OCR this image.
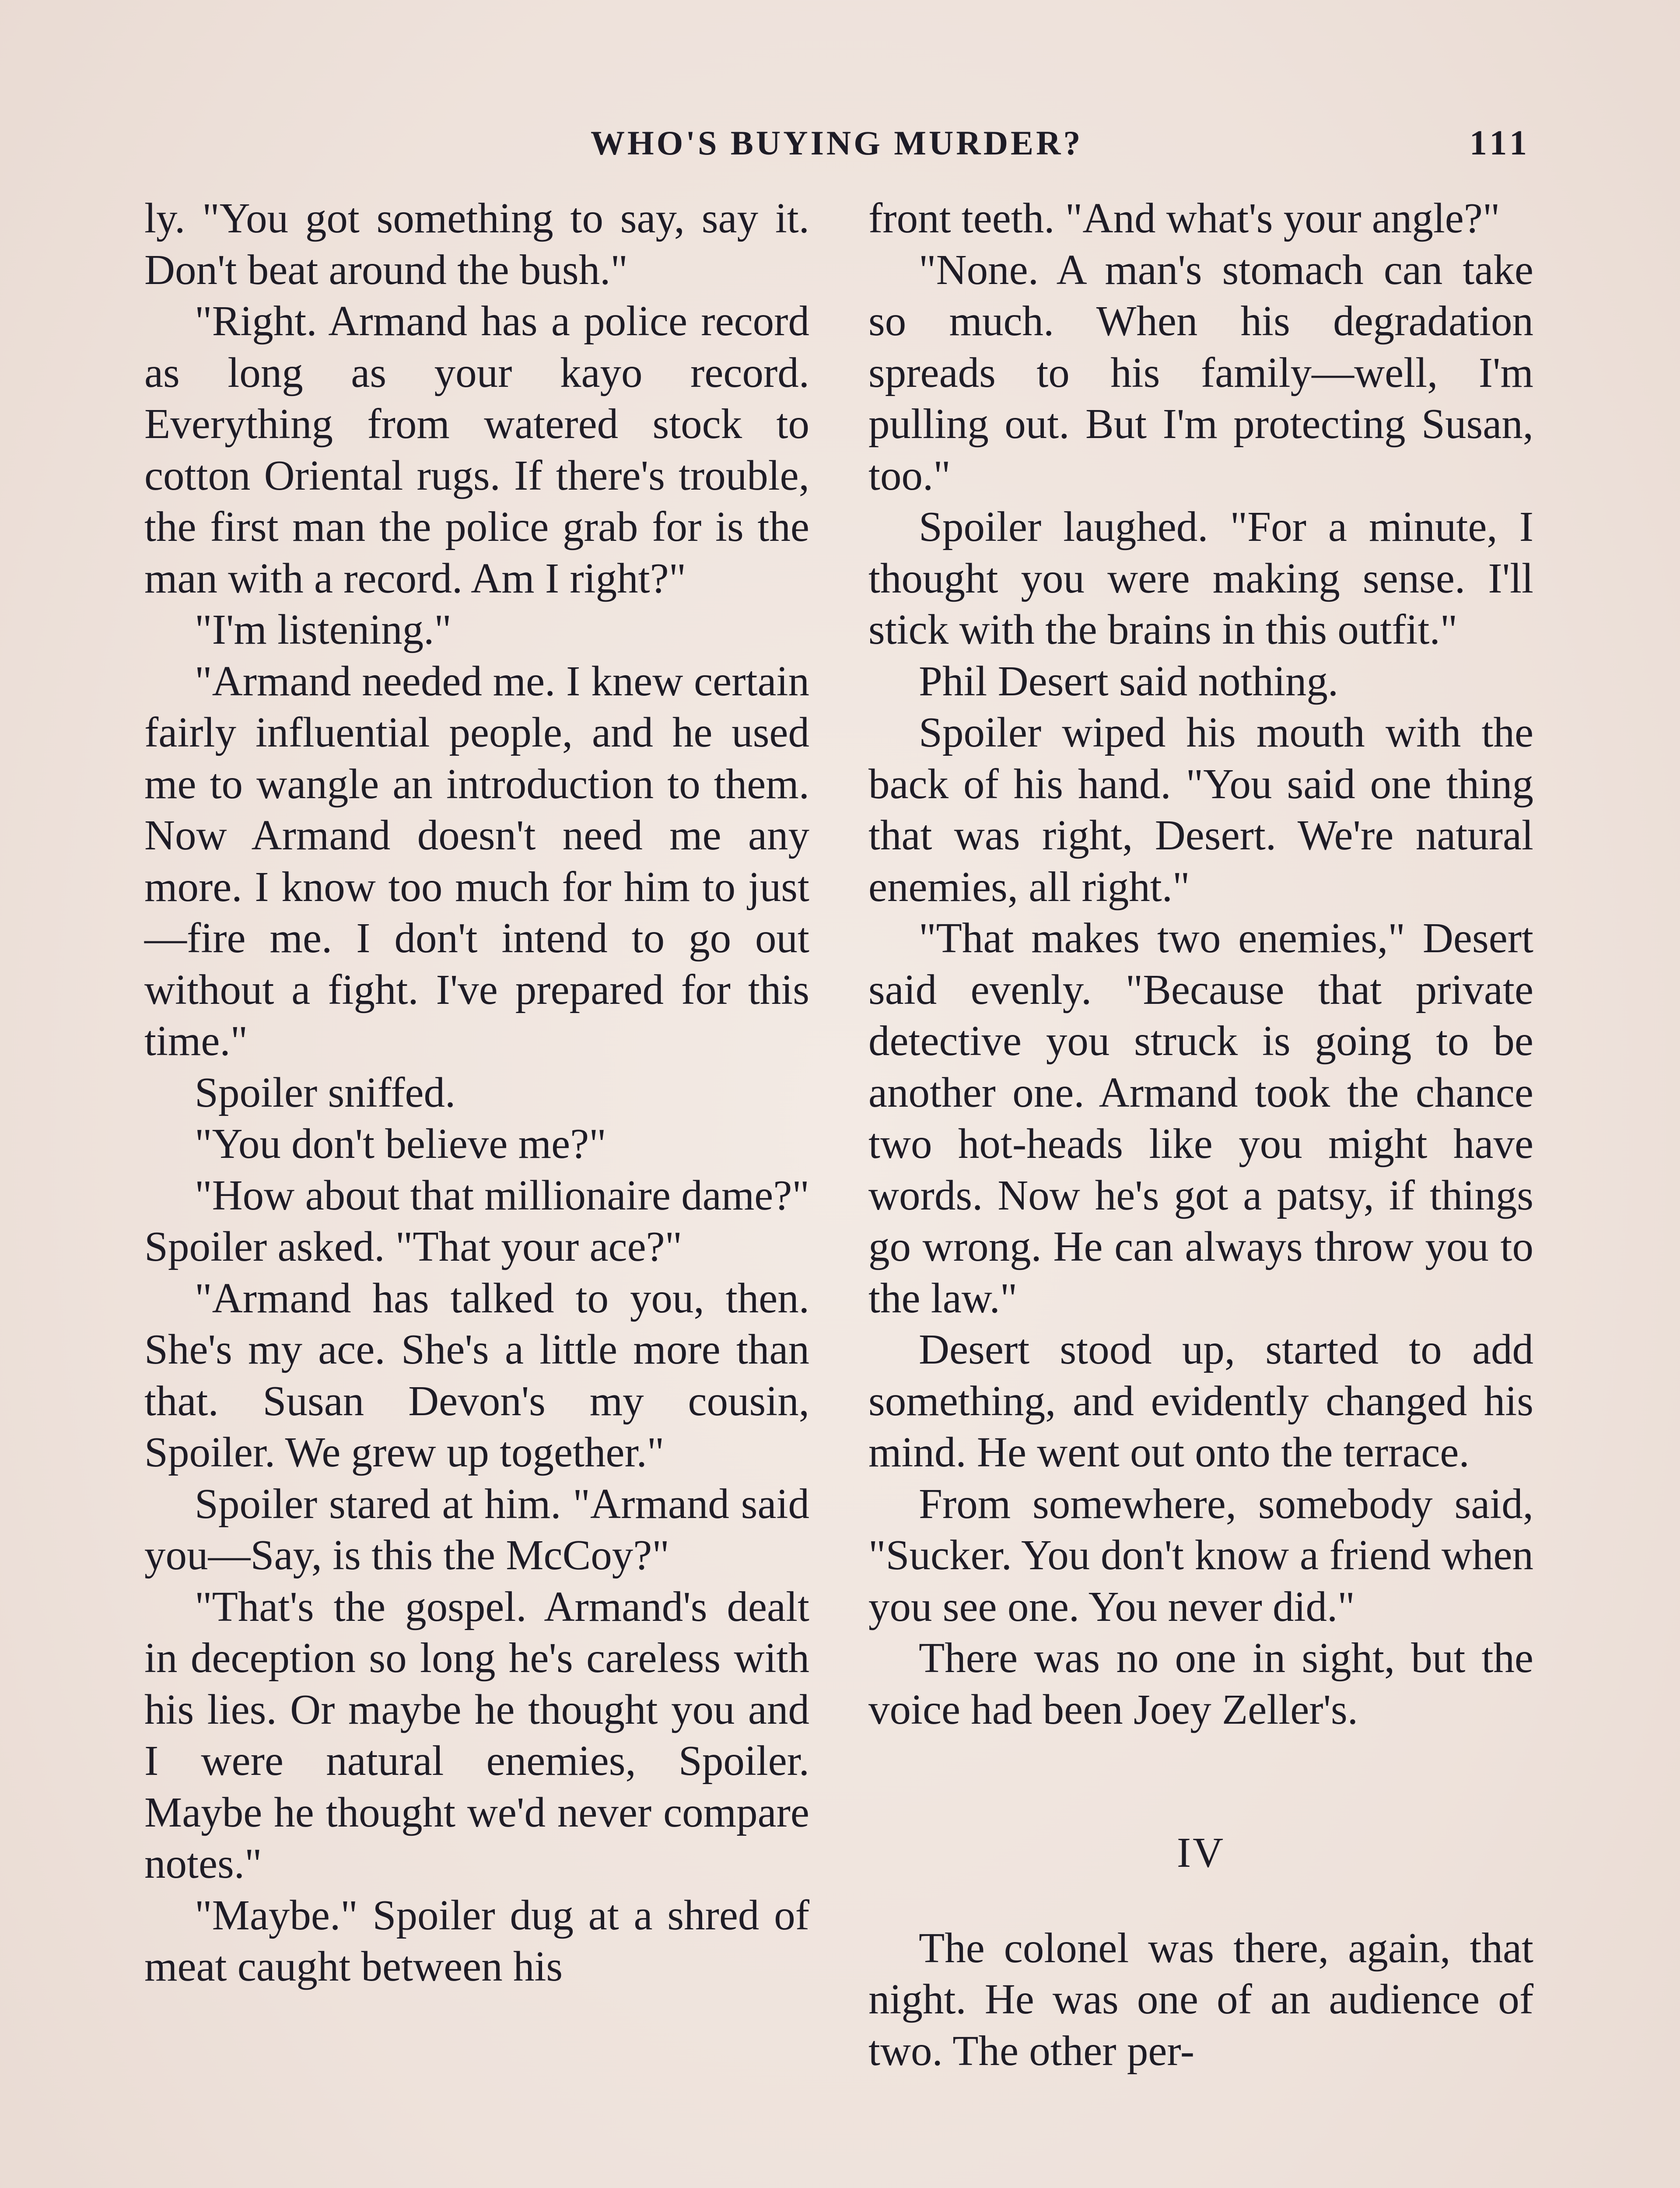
WHO'S BUYING MURDER?	111

ly. "You got something to say, say it. Don't beat around the bush."

"Right. Armand has a police record as long as your kayo record. Everything from watered stock to cotton Oriental rugs. If there's trouble, the first man the police grab for is the man with a record. Am I right?"

"I'm listening."

"Armand needed me. I knew certain fairly influential people, and he used me to wangle an introduction to them. Now Armand doesn't need me any more. I know too much for him to just —fire me. I don't intend to go out without a fight. I've prepared for this time."

Spoiler sniffed.

"You don't believe me?"

"How about that millionaire dame?" Spoiler asked. "That your ace?"

"Armand has talked to you, then. She's my ace. She's a little more than that. Susan Devon's my cousin, Spoiler. We grew up together."

Spoiler stared at him. "Armand said you—Say, is this the McCoy?"

"That's the gospel. Armand's dealt in deception so long he's careless with his lies. Or maybe he thought you and I were natural enemies, Spoiler. Maybe he thought we'd never compare notes."

"Maybe." Spoiler dug at a shred of meat caught between his

front teeth. "And what's your angle?"

"None. A man's stomach can take so much. When his degradation spreads to his family—well, I'm pulling out. But I'm protecting Susan, too."

Spoiler laughed. "For a minute, I thought you were making sense. I'll stick with the brains in this outfit."

Phil Desert said nothing.

Spoiler wiped his mouth with the back of his hand. "You said one thing that was right, Desert. We're natural enemies, all right."

"That makes two enemies," Desert said evenly. "Because that private detective you struck is going to be another one. Armand took the chance two hot-heads like you might have words. Now he's got a patsy, if things go wrong. He can always throw you to the law."

Desert stood up, started to add something, and evidently changed his mind. He went out onto the terrace.

From somewhere, somebody said, "Sucker. You don't know a friend when you see one. You never did."

There was no one in sight, but the voice had been Joey Zeller's.

IV

The colonel was there, again, that night. He was one of an audience of two. The other per-
